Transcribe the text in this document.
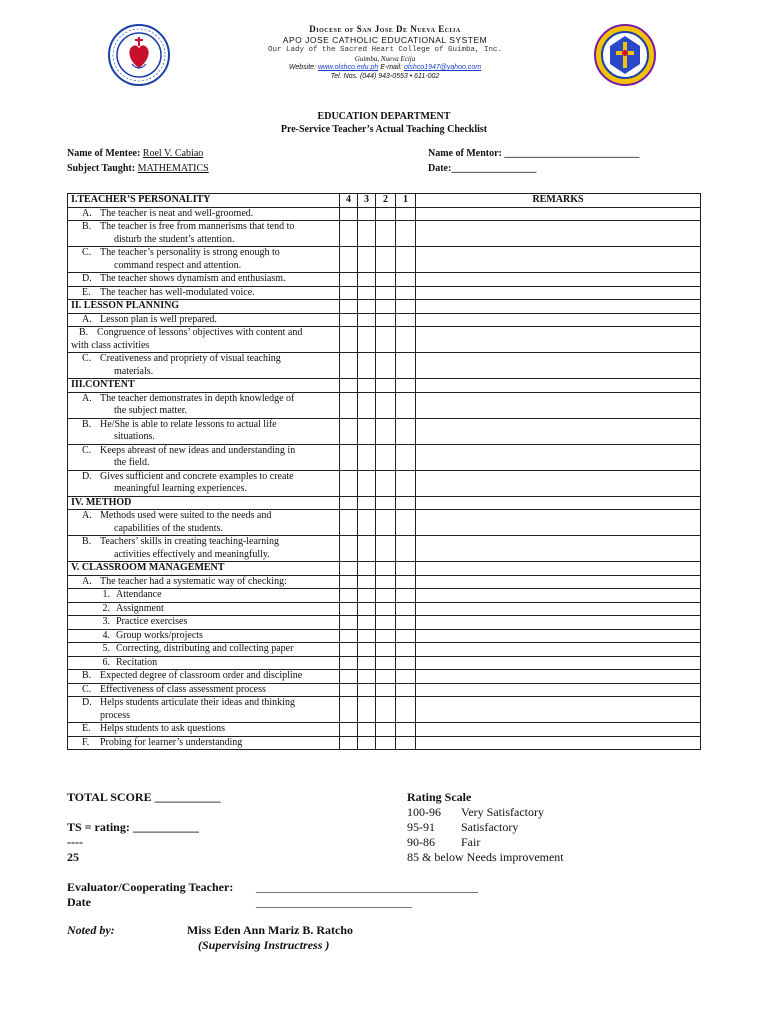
Diocese of San Jose De Nueva Ecija
APO JOSE CATHOLIC EDUCATIONAL SYSTEM
Our Lady of the Sacred Heart College of Guimba, Inc.
Guimba, Nueva Ecija
Website: www.olshco.edu.ph E-mail: olshco1947@yahoo.com
Tel. Nos. (044) 943-0553 • 611-002
EDUCATION DEPARTMENT
Pre-Service Teacher’s Actual Teaching Checklist
Name of Mentee: Roel V. Cabiao
Subject Taught: MATHEMATICS
Name of Mentor: ___________________________
Date:_________________
I.TEACHER’S PERSONALITY	4	3	2	1	REMARKS
A. The teacher is neat and well-groomed.					
B. The teacher is free from mannerisms that tend to
disturb the student’s attention.					

C. The teacher’s personality is strong enough to
command respect and attention.					

D. The teacher shows dynamism and enthusiasm.					
E. The teacher has well-modulated voice.					
II. LESSON PLANNING					
A. Lesson plan is well prepared.					
B. Congruence of lessons’ objectives with content and
with class activities					
C. Creativeness and propriety of visual teaching
materials.					

III.CONTENT					
A. The teacher demonstrates in depth knowledge of
the subject matter.					

B. He/She is able to relate lessons to actual life
situations.					

C. Keeps abreast of new ideas and understanding in
the field.					

D. Gives sufficient and concrete examples to create
meaningful learning experiences.					

IV. METHOD					
A. Methods used were suited to the needs and
capabilities of the students.					

B. Teachers’ skills in creating teaching-learning
activities effectively and meaningfully.					

V. CLASSROOM MANAGEMENT					
A. The teacher had a systematic way of checking:					
1. Attendance					
2. Assignment					
3. Practice exercises					
4. Group works/projects					
5. Correcting, distributing and collecting paper					
6. Recitation					
B. Expected degree of classroom order and discipline					
C. Effectiveness of class assessment process					
D. Helps students articulate their ideas and thinking
process					

E. Helps students to ask questions					
F. Probing for learner’s understanding					
TOTAL SCORE ___________
TS = rating: ___________
----
25
Rating Scale
100-96 Very Satisfactory
95-91 Satisfactory
90-86 Fair
85 & below Needs improvement
Evaluator/Cooperating Teacher: _____________________________________
Date	__________________________
Noted by:	Miss Eden Ann Mariz B. Ratcho
(Supervising Instructress )
